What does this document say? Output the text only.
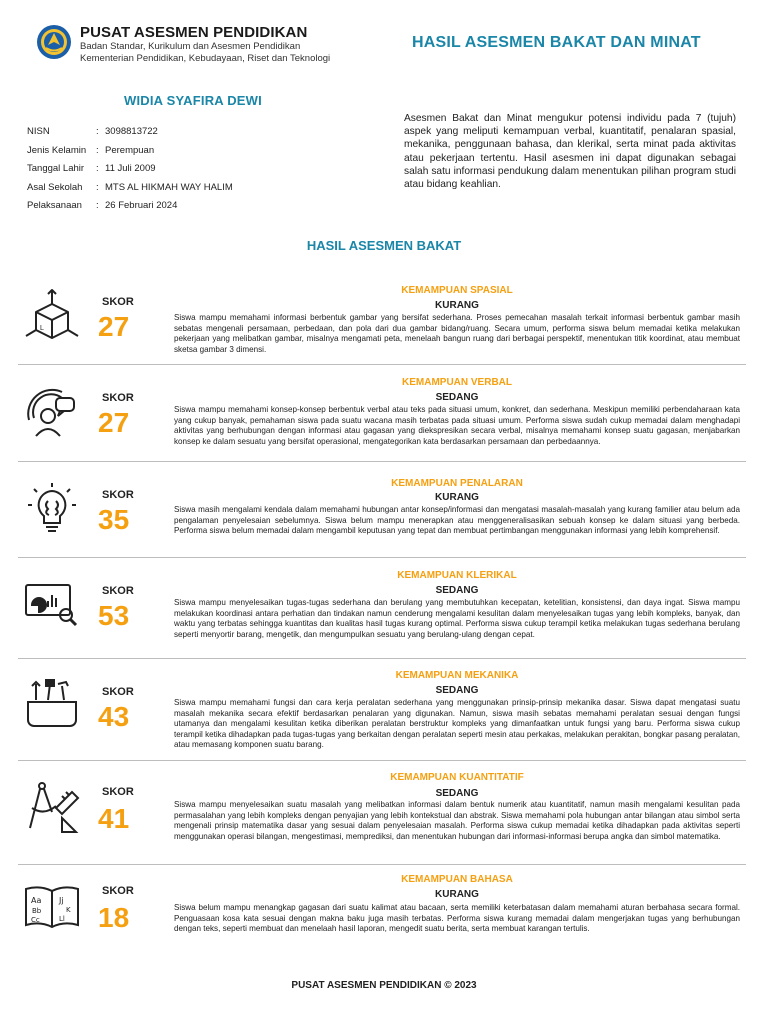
PUSAT ASESMEN PENDIDIKAN
Badan Standar, Kurikulum dan Asesmen Pendidikan
Kementerian Pendidikan, Kebudayaan, Riset dan Teknologi
HASIL ASESMEN BAKAT DAN MINAT
WIDIA SYAFIRA DEWI
NISN	: 3098813722
Jenis Kelamin : Perempuan
Tanggal Lahir : 11 Juli 2009
Asal Sekolah : MTS AL HIKMAH WAY HALIM
Pelaksanaan : 26 Februari 2024
Asesmen Bakat dan Minat mengukur potensi individu pada 7 (tujuh) aspek yang meliputi kemampuan verbal, kuantitatif, penalaran spasial, mekanika, penggunaan bahasa, dan klerikal, serta minat pada aktivitas atau pekerjaan tertentu. Hasil asesmen ini dapat digunakan sebagai salah satu informasi pendukung dalam menentukan pilihan program studi atau bidang keahlian.
HASIL ASESMEN BAKAT
L
SKOR
27
KEMAMPUAN SPASIAL
KURANG
Siswa mampu memahami informasi berbentuk gambar yang bersifat sederhana. Proses pemecahan masalah terkait informasi berbentuk gambar masih sebatas mengenali persamaan, perbedaan, dan pola dari dua gambar bidang/ruang. Secara umum, performa siswa belum memadai ketika melakukan pekerjaan yang melibatkan gambar, misalnya mengamati peta, menelaah bangun ruang dari berbagai perspektif, menentukan titik koordinat, atau membuat sketsa gambar 3 dimensi.
SKOR
27
KEMAMPUAN VERBAL
SEDANG
Siswa mampu memahami konsep-konsep berbentuk verbal atau teks pada situasi umum, konkret, dan sederhana. Meskipun memiliki perbendaharaan kata yang cukup banyak, pemahaman siswa pada suatu wacana masih terbatas pada situasi umum. Performa siswa sudah cukup memadai dalam menghadapi aktivitas yang berhubungan dengan informasi atau gagasan yang diekspresikan secara verbal, misalnya memahami konsep suatu gagasan, menjabarkan konsep ke dalam sesuatu yang bersifat operasional, mengategorikan kata berdasarkan persamaan dan perbedaannya.
SKOR
35
KEMAMPUAN PENALARAN
KURANG
Siswa masih mengalami kendala dalam memahami hubungan antar konsep/informasi dan mengatasi masalah-masalah yang kurang familier atau belum ada pengalaman penyelesaian sebelumnya. Siswa belum mampu menerapkan atau menggeneralisasikan sebuah konsep ke dalam situasi yang berbeda. Performa siswa belum memadai dalam mengambil keputusan yang tepat dan membuat pertimbangan menggunakan informasi yang lebih komprehensif.
SKOR
53
KEMAMPUAN KLERIKAL
SEDANG
Siswa mampu menyelesaikan tugas-tugas sederhana dan berulang yang membutuhkan kecepatan, ketelitian, konsistensi, dan daya ingat. Siswa mampu melakukan koordinasi antara perhatian dan tindakan namun cenderung mengalami kesulitan dalam menyelesaikan tugas yang lebih kompleks, banyak, dan waktu yang terbatas sehingga kuantitas dan kualitas hasil tugas kurang optimal. Performa siswa cukup terampil ketika melakukan tugas sederhana berulang seperti menyortir barang, mengetik, dan mengumpulkan sesuatu yang berulang-ulang dengan cepat.
SKOR
43
KEMAMPUAN MEKANIKA
SEDANG
Siswa mampu memahami fungsi dan cara kerja peralatan sederhana yang menggunakan prinsip-prinsip mekanika dasar. Siswa dapat mengatasi suatu masalah mekanika secara efektif berdasarkan penalaran yang digunakan. Namun, siswa masih sebatas memahami peralatan sesuai dengan fungsi utamanya dan mengalami kesulitan ketika diberikan peralatan berstruktur kompleks yang dimanfaatkan untuk fungsi yang baru. Performa siswa cukup terampil ketika dihadapkan pada tugas-tugas yang berkaitan dengan peralatan seperti mesin atau perkakas, melakukan perakitan, bongkar pasang peralatan, atau memasang komponen suatu barang.
SKOR
41
KEMAMPUAN KUANTITATIF
SEDANG
Siswa mampu menyelesaikan suatu masalah yang melibatkan informasi dalam bentuk numerik atau kuantitatif, namun masih mengalami kesulitan pada permasalahan yang lebih kompleks dengan penyajian yang lebih kontekstual dan abstrak. Siswa memahami pola hubungan antar bilangan atau simbol serta mengenali prinsip matematika dasar yang sesuai dalam penyelesaian masalah. Performa siswa cukup memadai ketika dihadapkan pada aktivitas seperti menggunakan operasi bilangan, mengestimasi, memprediksi, dan menentukan hubungan dari informasi-informasi berupa angka dan simbol matematika.
Aa
Bb
Cc
Jj
K
Ll
SKOR
18
KEMAMPUAN BAHASA
KURANG
Siswa belum mampu menangkap gagasan dari suatu kalimat atau bacaan, serta memiliki keterbatasan dalam memahami aturan berbahasa secara formal. Penguasaan kosa kata sesuai dengan makna baku juga masih terbatas. Performa siswa kurang memadai dalam mengerjakan tugas yang berhubungan dengan teks, seperti membuat dan menelaah hasil laporan, mengedit suatu berita, serta membuat karangan tertulis.
PUSAT ASESMEN PENDIDIKAN © 2023
